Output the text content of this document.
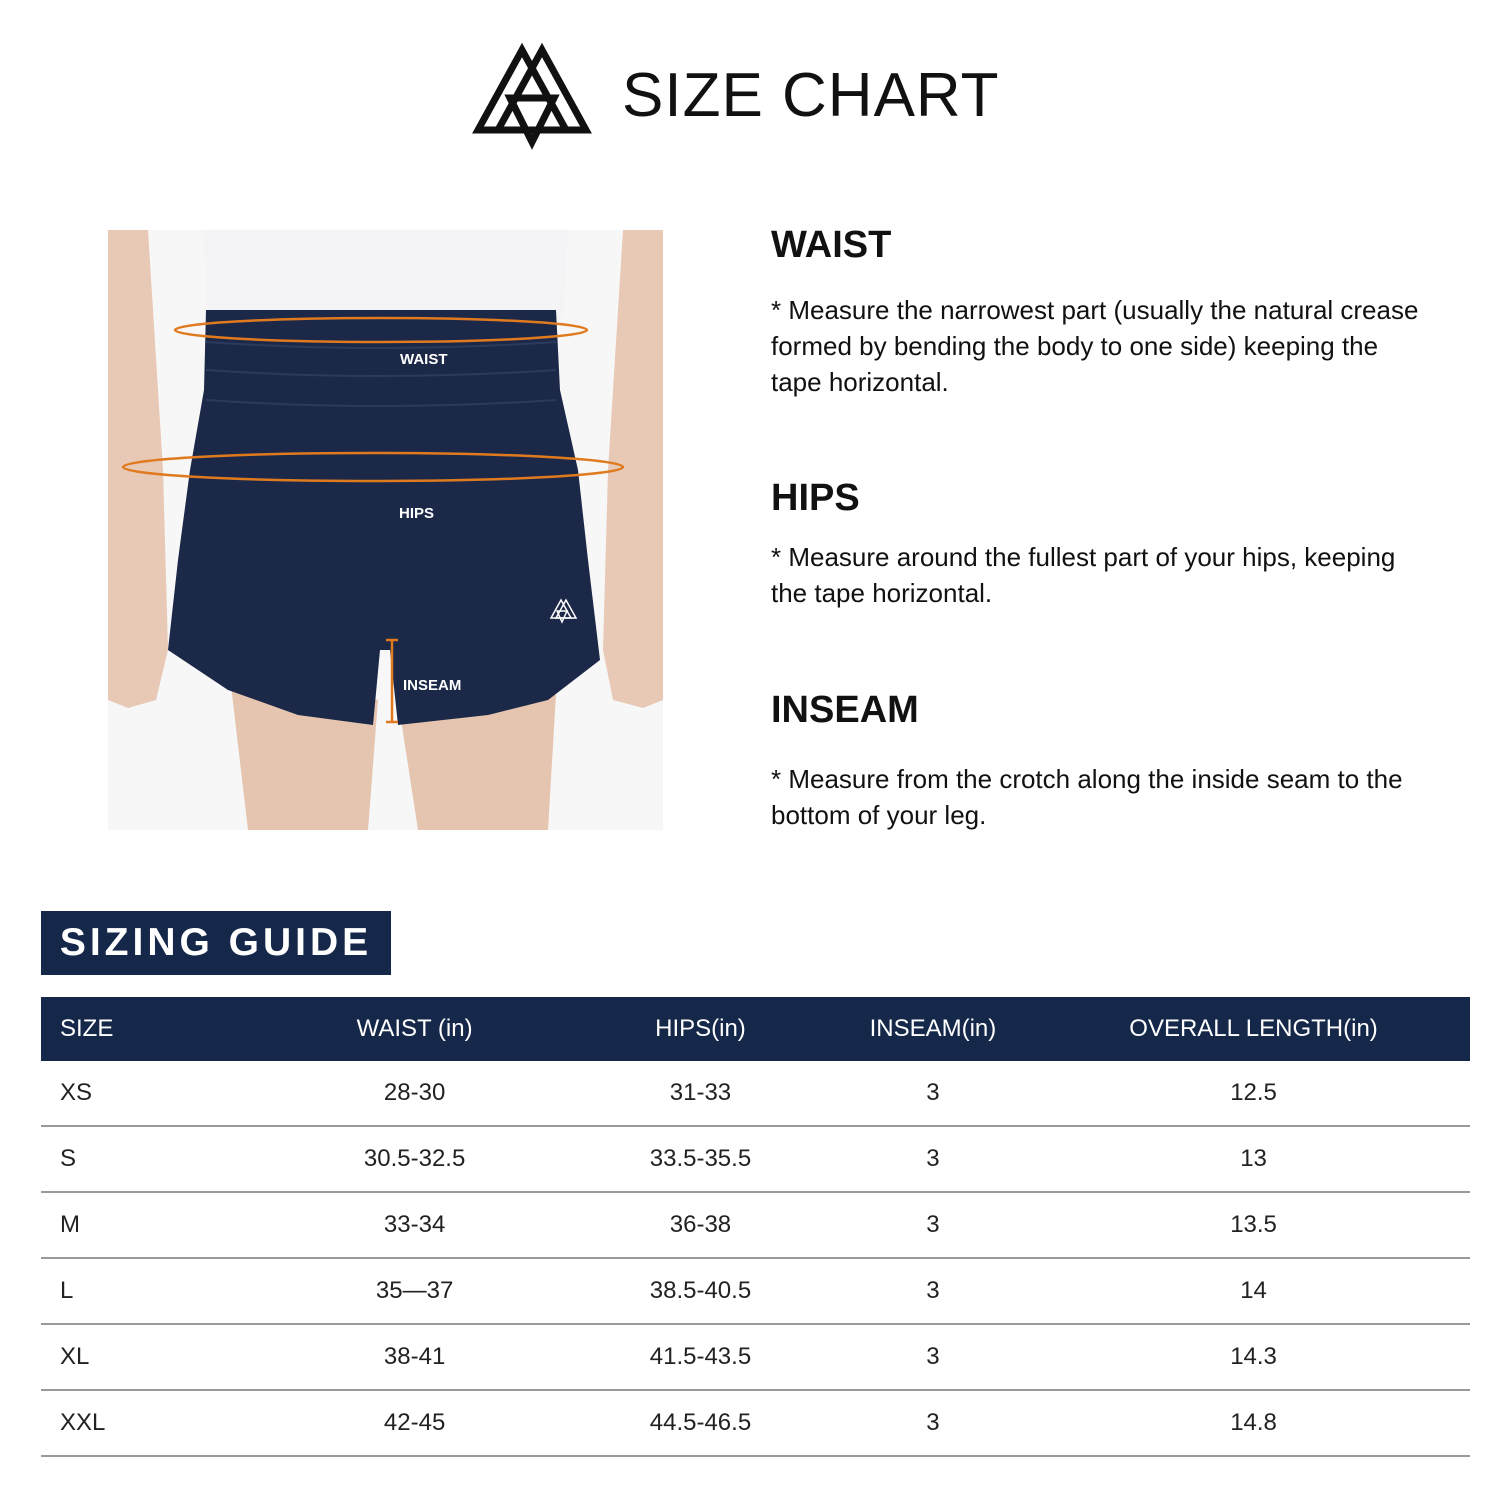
SIZE CHART
WAIST
HIPS
INSEAM
WAIST

* Measure the narrowest part (usually the natural crease formed by bending the body to one side) keeping the tape horizontal.

HIPS

* Measure around the fullest part of your hips, keeping the tape horizontal.

INSEAM

* Measure from the crotch along the inside seam to the bottom of your leg.

SIZING GUIDE
SIZE	WAIST (in)	HIPS(in)	INSEAM(in)	OVERALL LENGTH(in)
XS	28-30	31-33	3	12.5
S	30.5-32.5	33.5-35.5	3	13
M	33-34	36-38	3	13.5
L	35—37	38.5-40.5	3	14
XL	38-41	41.5-43.5	3	14.3
XXL	42-45	44.5-46.5	3	14.8
